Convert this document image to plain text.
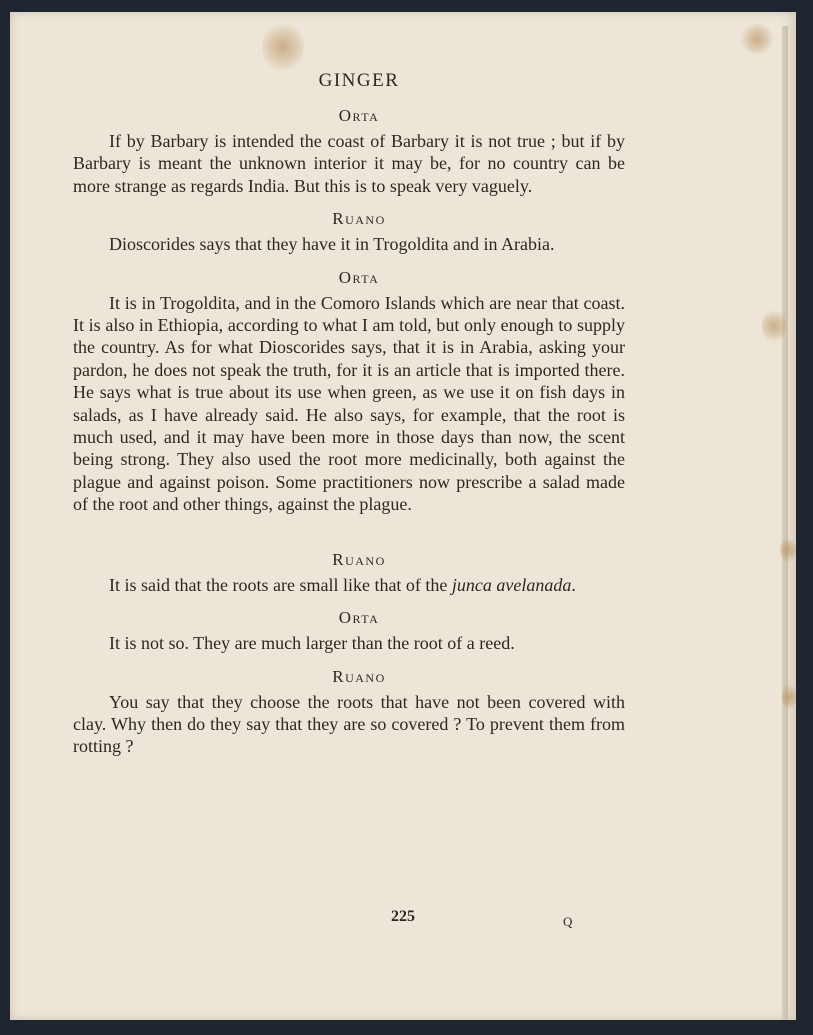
GINGER
Orta

If by Barbary is intended the coast of Barbary it is not true ; but if by Barbary is meant the unknown interior it may be, for no country can be more strange as regards India. But this is to speak very vaguely.

Ruano

Dioscorides says that they have it in Trogoldita and in Arabia.

Orta

It is in Trogoldita, and in the Comoro Islands which are near that coast. It is also in Ethiopia, according to what I am told, but only enough to supply the country. As for what Dioscorides says, that it is in Arabia, asking your pardon, he does not speak the truth, for it is an article that is imported there. He says what is true about its use when green, as we use it on fish days in salads, as I have already said. He also says, for example, that the root is much used, and it may have been more in those days than now, the scent being strong. They also used the root more medicinally, both against the plague and against poison. Some practitioners now prescribe a salad made of the root and other things, against the plague.

Ruano

It is said that the roots are small like that of the junca avelanada.

Orta

It is not so. They are much larger than the root of a reed.

Ruano

You say that they choose the roots that have not been covered with clay. Why then do they say that they are so covered ? To prevent them from rotting ?

225	Q
